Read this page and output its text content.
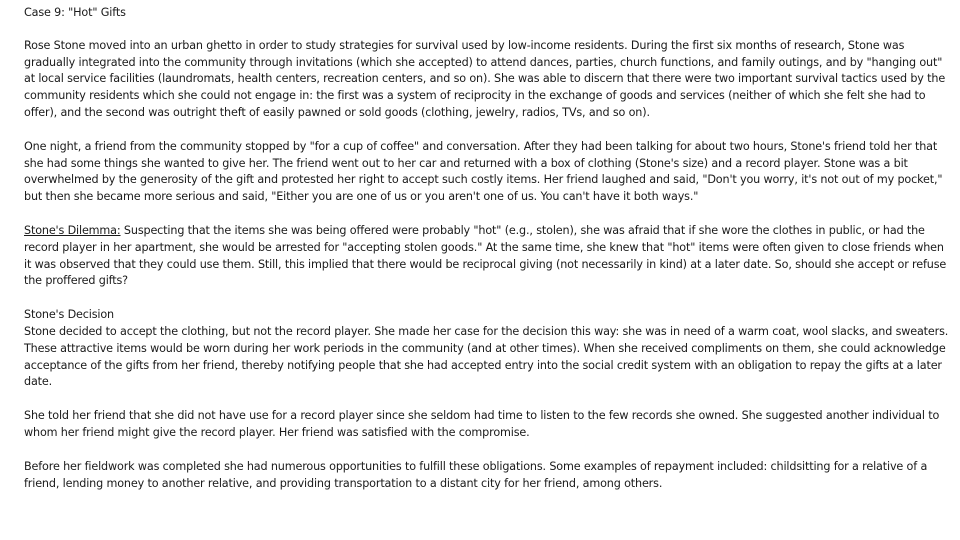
Case 9: "Hot" Gifts

Rose Stone moved into an urban ghetto in order to study strategies for survival used by low-income residents. During the first six months of research, Stone was gradually integrated into the community through invitations (which she accepted) to attend dances, parties, church functions, and family outings, and by "hanging out" at local service facilities (laundromats, health centers, recreation centers, and so on). She was able to discern that there were two important survival tactics used by the community residents which she could not engage in: the first was a system of reciprocity in the exchange of goods and services (neither of which she felt she had to offer), and the second was outright theft of easily pawned or sold goods (clothing, jewelry, radios, TVs, and so on).

One night, a friend from the community stopped by "for a cup of coffee" and conversation. After they had been talking for about two hours, Stone's friend told her that she had some things she wanted to give her. The friend went out to her car and returned with a box of clothing (Stone's size) and a record player. Stone was a bit overwhelmed by the generosity of the gift and protested her right to accept such costly items. Her friend laughed and said, "Don't you worry, it's not out of my pocket," but then she became more serious and said, "Either you are one of us or you aren't one of us. You can't have it both ways."

Stone's Dilemma: Suspecting that the items she was being offered were probably "hot" (e.g., stolen), she was afraid that if she wore the clothes in public, or had the record player in her apartment, she would be arrested for "accepting stolen goods." At the same time, she knew that "hot" items were often given to close friends when it was observed that they could use them. Still, this implied that there would be reciprocal giving (not necessarily in kind) at a later date. So, should she accept or refuse the proffered gifts?

Stone's Decision
Stone decided to accept the clothing, but not the record player. She made her case for the decision this way: she was in need of a warm coat, wool slacks, and sweaters. These attractive items would be worn during her work periods in the community (and at other times). When she received compliments on them, she could acknowledge acceptance of the gifts from her friend, thereby notifying people that she had accepted entry into the social credit system with an obligation to repay the gifts at a later date.

She told her friend that she did not have use for a record player since she seldom had time to listen to the few records she owned. She suggested another individual to whom her friend might give the record player. Her friend was satisfied with the compromise.

Before her fieldwork was completed she had numerous opportunities to fulfill these obligations. Some examples of repayment included: childsitting for a relative of a friend, lending money to another relative, and providing transportation to a distant city for her friend, among others.
